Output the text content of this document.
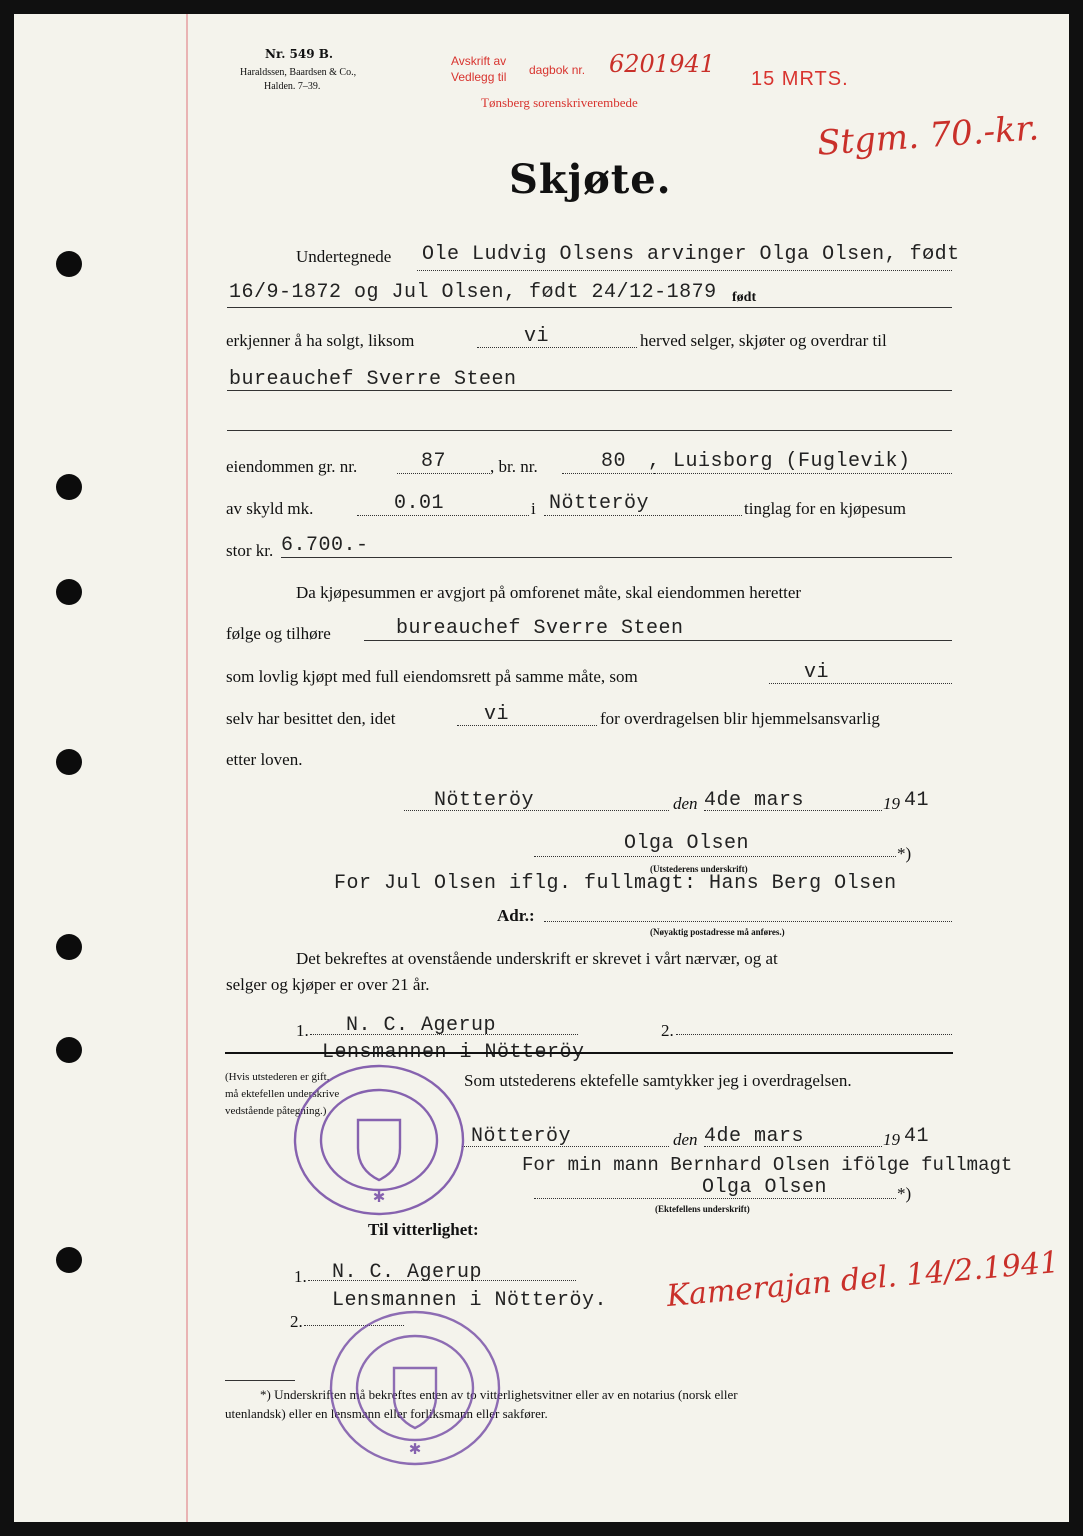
Nr. 549 B.
Haraldssen, Baardsen & Co.,
Halden. 7–39.
Avskrift av
Vedlegg til dagbok nr. 620 1941
15 MRTS.
Tønsberg sorenskriverembede
Stgm. 70.-kr.
Skjøte.
Undertegnede Ole Ludvig Olsens arvinger Olga Olsen, født
16/9-1872 og Jul Olsen, født 24/12-1879 født
erkjenner å ha solgt, liksom	vi	herved selger, skjøter og overdrar til
bureauchef Sverre Steen
eiendommen gr. nr.	87	, br. nr.	80 , Luisborg (Fuglevik)
av skyld mk.	0.01	i Nötteröy	tinglag for en kjøpesum
stor kr. 6.700.-
Da kjøpesummen er avgjort på omforenet måte, skal eiendommen heretter
følge og tilhøre	bureauchef Sverre Steen
som lovlig kjøpt med full eiendomsrett på samme måte, som	vi
selv har besittet den, idet	vi	for overdragelsen blir hjemmelsansvarlig
etter loven.
Nötteröy	den 4de mars	19 41
Olga Olsen	*)
(Utstederens underskrift)
For Jul Olsen iflg. fullmagt: Hans Berg Olsen
Adr.:
(Nøyaktig postadresse må anføres.)
Det bekreftes at ovenstående underskrift er skrevet i vårt nærvær, og at
selger og kjøper er over 21 år.
1. N. C. Agerup	2.
Lensmannen i Nötteröy
(Hvis utstederen er gift,
må ektefellen underskrive
vedstående påtegning.)
Som utstederens ektefelle samtykker jeg i overdragelsen.
Nötteröy	den 4de mars	19 41
For min mann Bernhard Olsen ifölge fullmagt
Olga Olsen	*)
(Ektefellens underskrift)
Til vitterlighet:
1. N. C. Agerup
Lensmannen i Nötteröy.
2.
Kamerajan del. 14/2.1941
*) Underskriften må bekreftes enten av to vitterlighetsvitner eller av en notarius (norsk eller
utenlandsk) eller en lensmann eller forliksmann eller sakfører.
✱
✱
